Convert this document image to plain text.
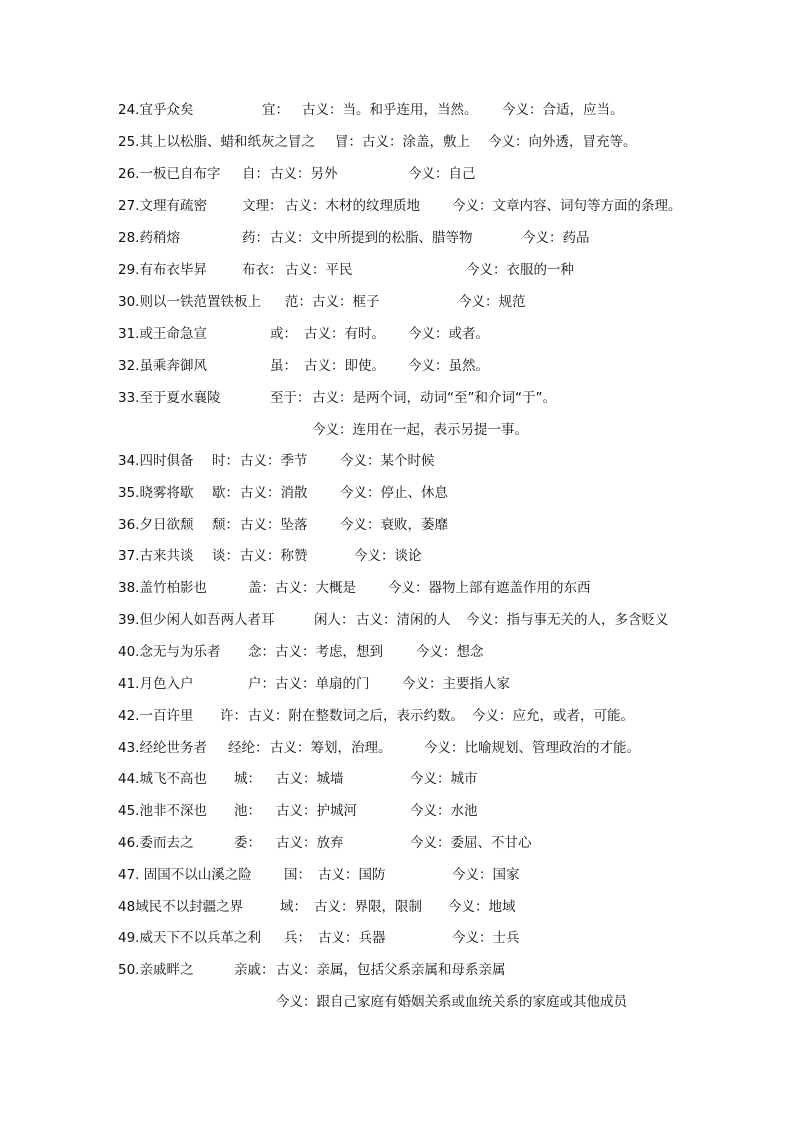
24.宜乎众矣	宜： 古义：当。和乎连用，当然。 今义：合适，应当。
25.其上以松脂、蜡和纸灰之冒之 冒： 古义：涂盖，敷上 今义：向外透，冒充等。
26.一板已自布字 自： 古义：另外	今义：自己
27.文理有疏密	文理： 古义：木材的纹理质地 今义：文章内容、词句等方面的条理。
28.药稍熔	药： 古义：文中所提到的松脂、腊等物	今义：药品
29.有布衣毕昇	布衣： 古义：平民	今义：衣服的一种
30.则以一铁范置铁板上 范： 古义：框子	今义：规范
31.或王命急宣	或： 古义：有时。 今义：或者。
32.虽乘奔御风	虽： 古义：即使。 今义：虽然。
33.至于夏水襄陵	至于： 古义：是两个词，动词“至”和介词“于”。
今义：连用在一起，表示另提一事。
34.四时俱备 时： 古义：季节 今义：某个时候
35.晓雾将歇 歇： 古义：消散 今义：停止、休息
36.夕日欲颓 颓： 古义：坠落 今义：衰败，萎靡
37.古来共谈 谈： 古义：称赞	今义：谈论
38.盖竹柏影也	盖： 古义：大概是 今义：器物上部有遮盖作用的东西
39.但少闲人如吾两人者耳	闲人： 古义：清闲的人 今义：指与事无关的人，多含贬义
40.念无与为乐者 念： 古义：考虑，想到 今义：想念
41.月色入户	户： 古义：单扇的门 今义：主要指人家
42.一百许里 许： 古义：附在整数词之后，表示约数。 今义：应允，或者，可能。
43.经纶世务者 经纶： 古义：筹划，治理。 今义：比喻规划、管理政治的才能。
44.城飞不高也 城： 古义：城墙	今义：城市
45.池非不深也 池： 古义：护城河	今义：水池
46.委而去之	委： 古义：放弃	今义：委屈、不甘心
47. 固国不以山溪之险 国： 古义：国防	今义：国家
48域民不以封疆之界	域： 古义：界限，限制 今义：地域
49.威天下不以兵革之利 兵： 古义：兵器	今义：士兵
50.亲戚畔之	亲戚： 古义：亲属，包括父系亲属和母系亲属
今义：跟自己家庭有婚姻关系或血统关系的家庭或其他成员
